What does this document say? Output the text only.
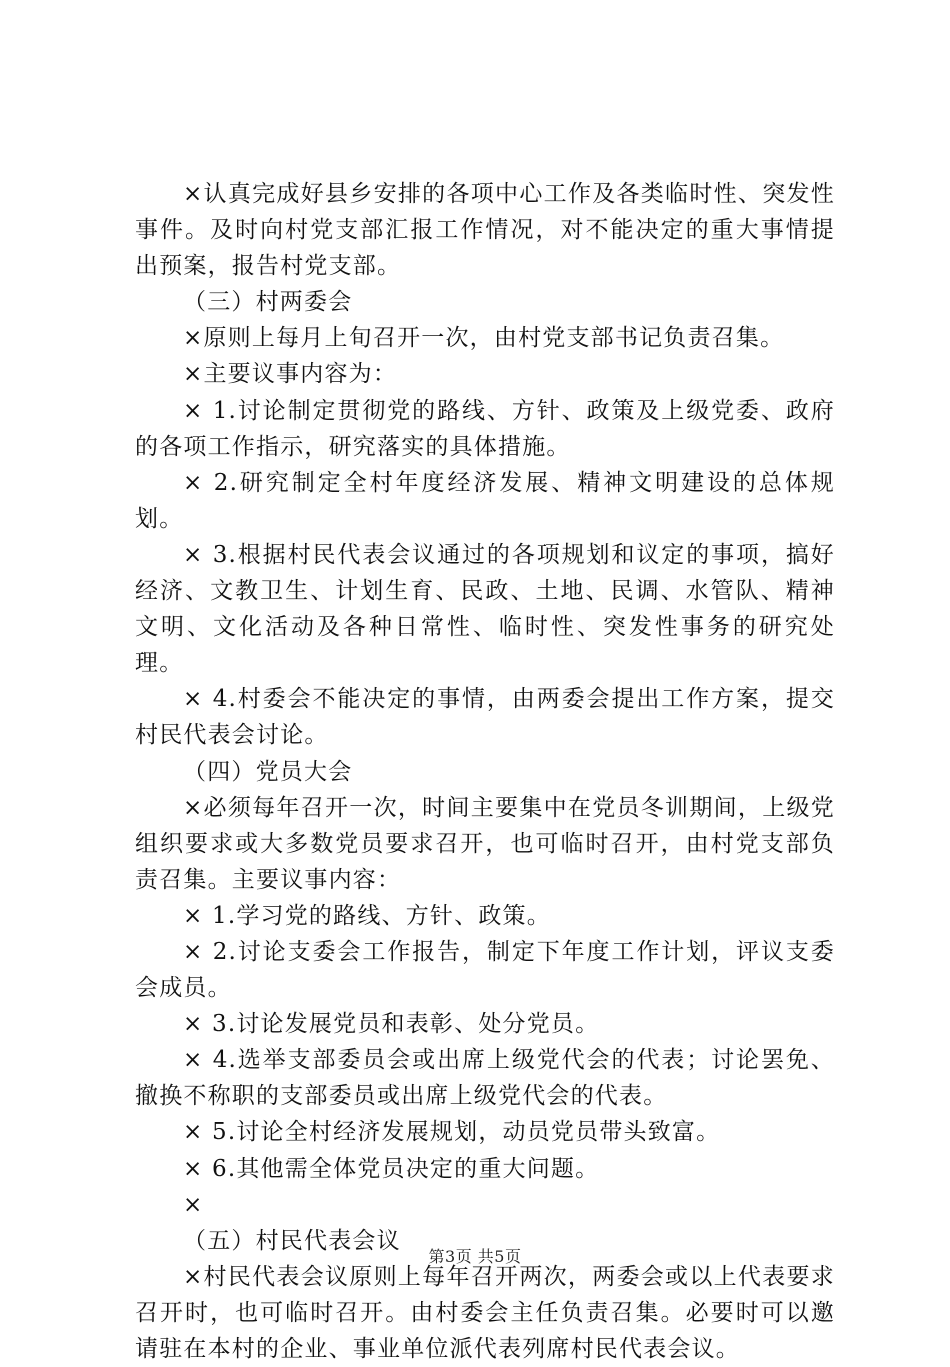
×认真完成好县乡安排的各项中心工作及各类临时性、突发性事件。及时向村党支部汇报工作情况，对不能决定的重大事情提出预案，报告村党支部。

（三）村两委会

×原则上每月上旬召开一次，由村党支部书记负责召集。

×主要议事内容为：

× 1.讨论制定贯彻党的路线、方针、政策及上级党委、政府的各项工作指示，研究落实的具体措施。

× 2.研究制定全村年度经济发展、精神文明建设的总体规划。

× 3.根据村民代表会议通过的各项规划和议定的事项，搞好经济、文教卫生、计划生育、民政、土地、民调、水管队、精神文明、文化活动及各种日常性、临时性、突发性事务的研究处理。

× 4.村委会不能决定的事情，由两委会提出工作方案，提交村民代表会讨论。

（四）党员大会

×必须每年召开一次，时间主要集中在党员冬训期间，上级党组织要求或大多数党员要求召开，也可临时召开，由村党支部负责召集。主要议事内容：

× 1.学习党的路线、方针、政策。

× 2.讨论支委会工作报告，制定下年度工作计划，评议支委会成员。

× 3.讨论发展党员和表彰、处分党员。

× 4.选举支部委员会或出席上级党代会的代表；讨论罢免、撤换不称职的支部委员或出席上级党代会的代表。

× 5.讨论全村经济发展规划，动员党员带头致富。

× 6.其他需全体党员决定的重大问题。

×

（五）村民代表会议

×村民代表会议原则上每年召开两次，两委会或以上代表要求召开时，也可临时召开。由村委会主任负责召集。必要时可以邀请驻在本村的企业、事业单位派代表列席村民代表会议。

第3页 共5页
